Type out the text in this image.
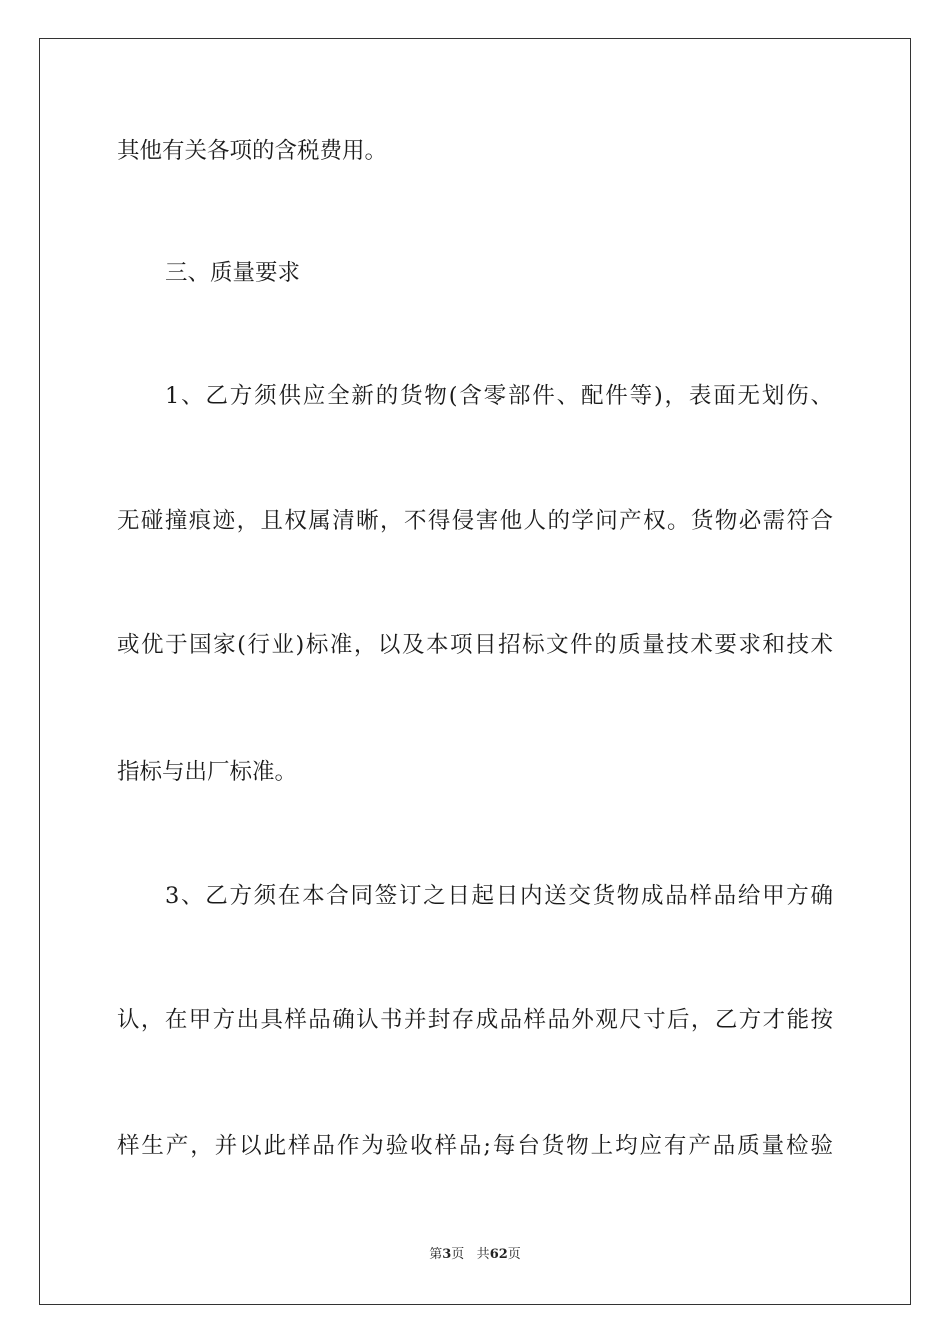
其他有关各项的含税费用。
三、质量要求
1、乙方须供应全新的货物(含零部件、配件等)，表面无划伤、
无碰撞痕迹，且权属清晰，不得侵害他人的学问产权。货物必需符合
或优于国家(行业)标准，以及本项目招标文件的质量技术要求和技术
指标与出厂标准。
3、乙方须在本合同签订之日起日内送交货物成品样品给甲方确
认，在甲方出具样品确认书并封存成品样品外观尺寸后，乙方才能按
样生产，并以此样品作为验收样品;每台货物上均应有产品质量检验
第3页 共62页
